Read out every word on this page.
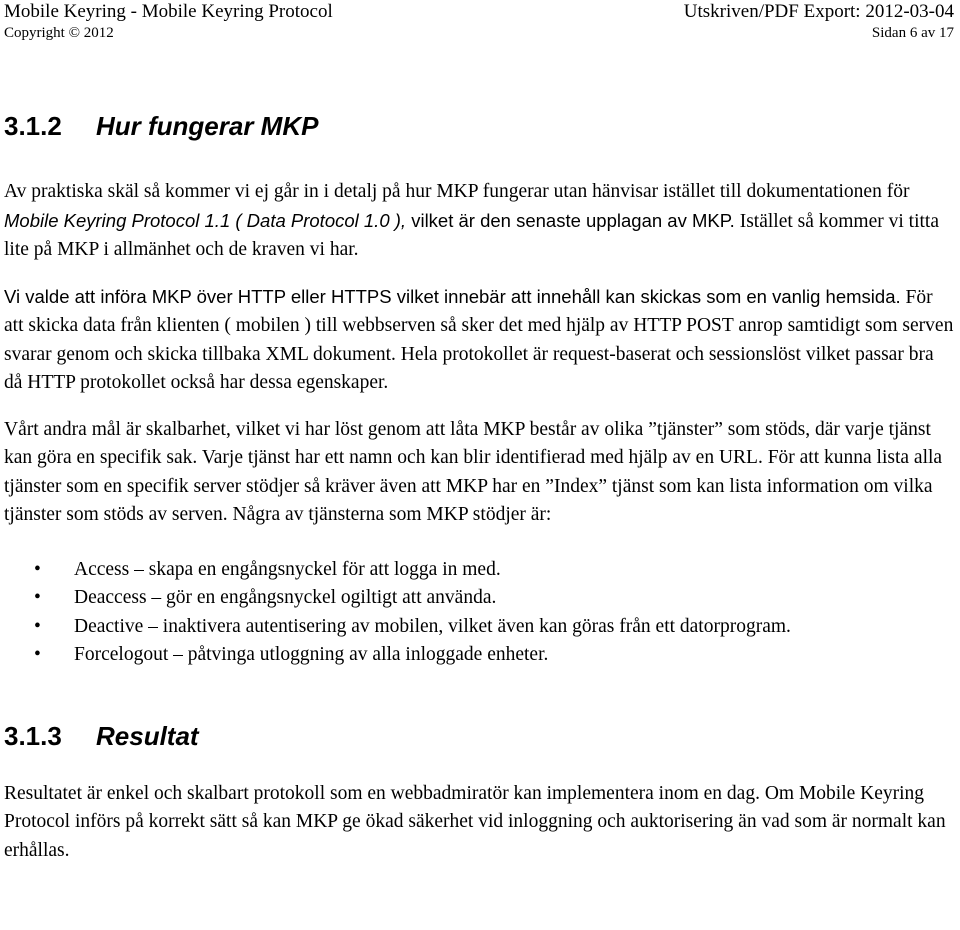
Mobile Keyring - Mobile Keyring Protocol	Utskriven/PDF Export: 2012-03-04
Copyright © 2012	Sidan 6 av 17
3.1.2	Hur fungerar MKP

Av praktiska skäl så kommer vi ej går in i detalj på hur MKP fungerar utan hänvisar istället till dokumentationen för Mobile Keyring Protocol 1.1 ( Data Protocol 1.0 ), vilket är den senaste upplagan av MKP. Istället så kommer vi titta lite på MKP i allmänhet och de kraven vi har.

Vi valde att införa MKP över HTTP eller HTTPS vilket innebär att innehåll kan skickas som en vanlig hemsida. För att skicka data från klienten ( mobilen ) till webbserven så sker det med hjälp av HTTP POST anrop samtidigt som serven svarar genom och skicka tillbaka XML dokument. Hela protokollet är request-baserat och sessionslöst vilket passar bra då HTTP protokollet också har dessa egenskaper.

Vårt andra mål är skalbarhet, vilket vi har löst genom att låta MKP består av olika ”tjänster” som stöds, där varje tjänst kan göra en specifik sak. Varje tjänst har ett namn och kan blir identifierad med hjälp av en URL. För att kunna lista alla tjänster som en specifik server stödjer så kräver även att MKP har en ”Index” tjänst som kan lista information om vilka tjänster som stöds av serven. Några av tjänsterna som MKP stödjer är:

• Access – skapa en engångsnyckel för att logga in med.
• Deaccess – gör en engångsnyckel ogiltigt att använda.
• Deactive – inaktivera autentisering av mobilen, vilket även kan göras från ett datorprogram.
• Forcelogout – påtvinga utloggning av alla inloggade enheter.
3.1.3	Resultat

Resultatet är enkel och skalbart protokoll som en webbadmiratör kan implementera inom en dag. Om Mobile Keyring Protocol införs på korrekt sätt så kan MKP ge ökad säkerhet vid inloggning och auktorisering än vad som är normalt kan erhållas.
